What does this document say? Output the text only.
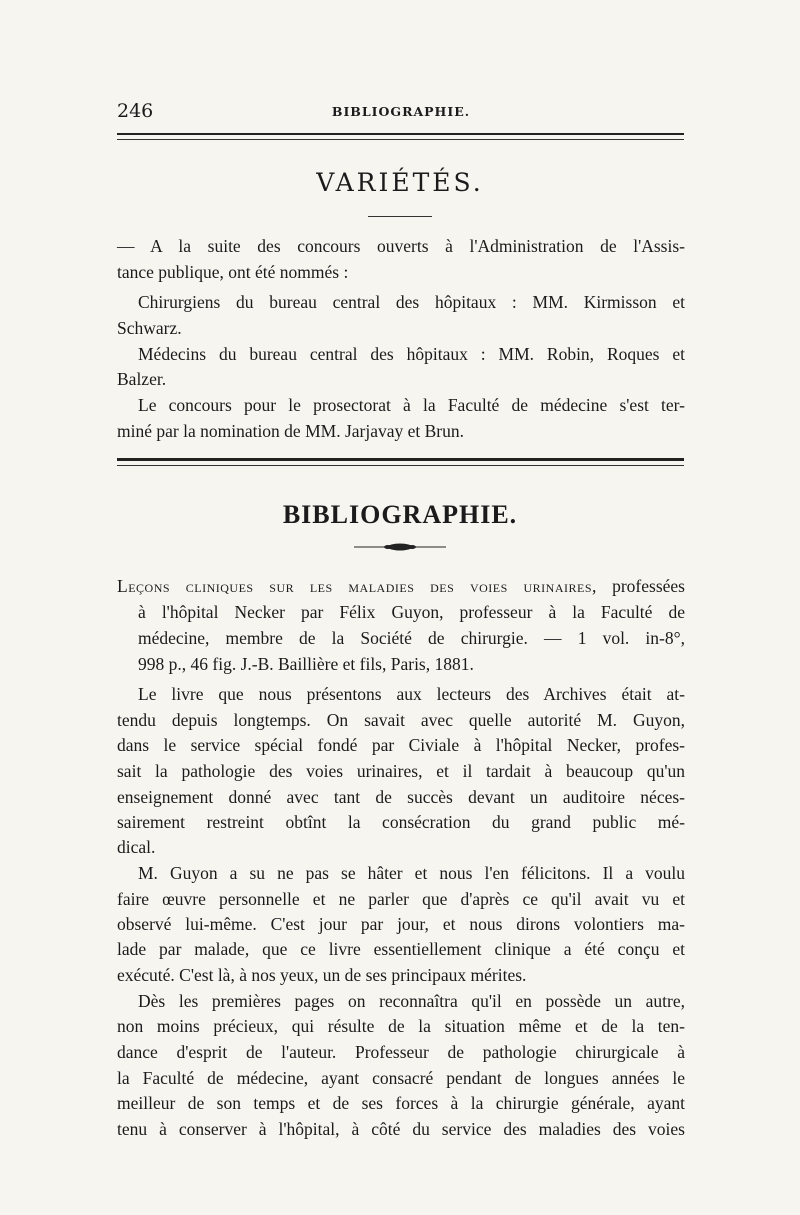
246	BIBLIOGRAPHIE.
VARIÉTÉS.
— A la suite des concours ouverts à l'Administration de l'Assis-
tance publique, ont été nommés :
Chirurgiens du bureau central des hôpitaux : MM. Kirmisson et
Schwarz.
Médecins du bureau central des hôpitaux : MM. Robin, Roques et
Balzer.
Le concours pour le prosectorat à la Faculté de médecine s'est ter-
miné par la nomination de MM. Jarjavay et Brun.
BIBLIOGRAPHIE.
Leçons cliniques sur les maladies des voies urinaires, professées
à l'hôpital Necker par Félix Guyon, professeur à la Faculté de
médecine, membre de la Société de chirurgie. — 1 vol. in-8°,
998 p., 46 fig. J.-B. Baillière et fils, Paris, 1881.
Le livre que nous présentons aux lecteurs des Archives était at-
tendu depuis longtemps. On savait avec quelle autorité M. Guyon,
dans le service spécial fondé par Civiale à l'hôpital Necker, profes-
sait la pathologie des voies urinaires, et il tardait à beaucoup qu'un
enseignement donné avec tant de succès devant un auditoire néces-
sairement restreint obtînt la consécration du grand public mé-
dical.
M. Guyon a su ne pas se hâter et nous l'en félicitons. Il a voulu
faire œuvre personnelle et ne parler que d'après ce qu'il avait vu et
observé lui-même. C'est jour par jour, et nous dirons volontiers ma-
lade par malade, que ce livre essentiellement clinique a été conçu et
exécuté. C'est là, à nos yeux, un de ses principaux mérites.
Dès les premières pages on reconnaîtra qu'il en possède un autre,
non moins précieux, qui résulte de la situation même et de la ten-
dance d'esprit de l'auteur. Professeur de pathologie chirurgicale à
la Faculté de médecine, ayant consacré pendant de longues années le
meilleur de son temps et de ses forces à la chirurgie générale, ayant
tenu à conserver à l'hôpital, à côté du service des maladies des voies
